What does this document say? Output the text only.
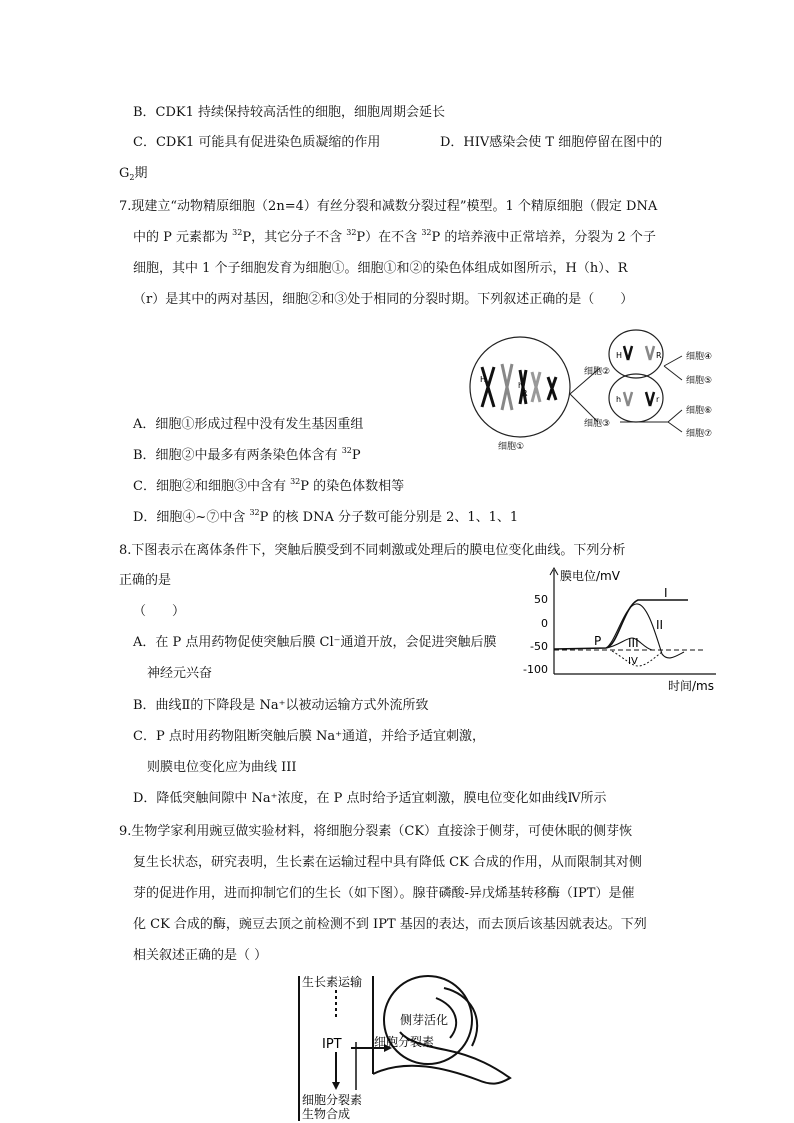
B．CDK1 持续保持较高活性的细胞，细胞周期会延长
C．CDK1 可能具有促进染色质凝缩的作用	D．HIV感染会使 T 细胞停留在图中的
G2期
7.现建立“动物精原细胞（2n=4）有丝分裂和减数分裂过程”模型。1 个精原细胞（假定 DNA
中的 P 元素都为 $^{32}$P，其它分子不含 $^{32}$P）在不含 $^{32}$P 的培养液中正常培养，分裂为 2 个子
细胞，其中 1 个子细胞发育为细胞①。细胞①和②的染色体组成如图所示，H（h）、R
（r）是其中的两对基因，细胞②和③处于相同的分裂时期。下列叙述正确的是（　　）
H
h
R	r
细胞①
细胞②
细胞③
H	R
h	r
细胞④
细胞⑤
细胞⑥
细胞⑦
A．细胞①形成过程中没有发生基因重组
B．细胞②中最多有两条染色体含有 $^{32}$P
C．细胞②和细胞③中含有 $^{32}$P 的染色体数相等
D．细胞④~⑦中含 $^{32}$P 的核 DNA 分子数可能分别是 2、1、1、1
8.下图表示在离体条件下，突触后膜受到不同刺激或处理后的膜电位变化曲线。下列分析
正确的是
（　　）
A．在 P 点用药物促使突触后膜 Cl⁻通道开放，会促进突触后膜
神经元兴奋
B．曲线Ⅱ的下降段是 Na⁺以被动运输方式外流所致
C．P 点时用药物阻断突触后膜 Na⁺通道，并给予适宜刺激，
则膜电位变化应为曲线 III
D．降低突触间隙中 Na⁺浓度，在 P 点时给予适宜刺激，膜电位变化如曲线Ⅳ所示
膜电位/mV
时间/ms
50
0
-50
-100
I
II
III
IV
P
9.生物学家利用豌豆做实验材料，将细胞分裂素（CK）直接涂于侧芽，可使休眠的侧芽恢
复生长状态，研究表明，生长素在运输过程中具有降低 CK 合成的作用，从而限制其对侧
芽的促进作用，进而抑制它们的生长（如下图）。腺苷磷酸-异戊烯基转移酶（IPT）是催
化 CK 合成的酶，豌豆去顶之前检测不到 IPT 基因的表达，而去顶后该基因就表达。下列
相关叙述正确的是（ ）
生长素运输
IPT
细胞分裂素
生物合成
细胞分裂素
侧芽活化
